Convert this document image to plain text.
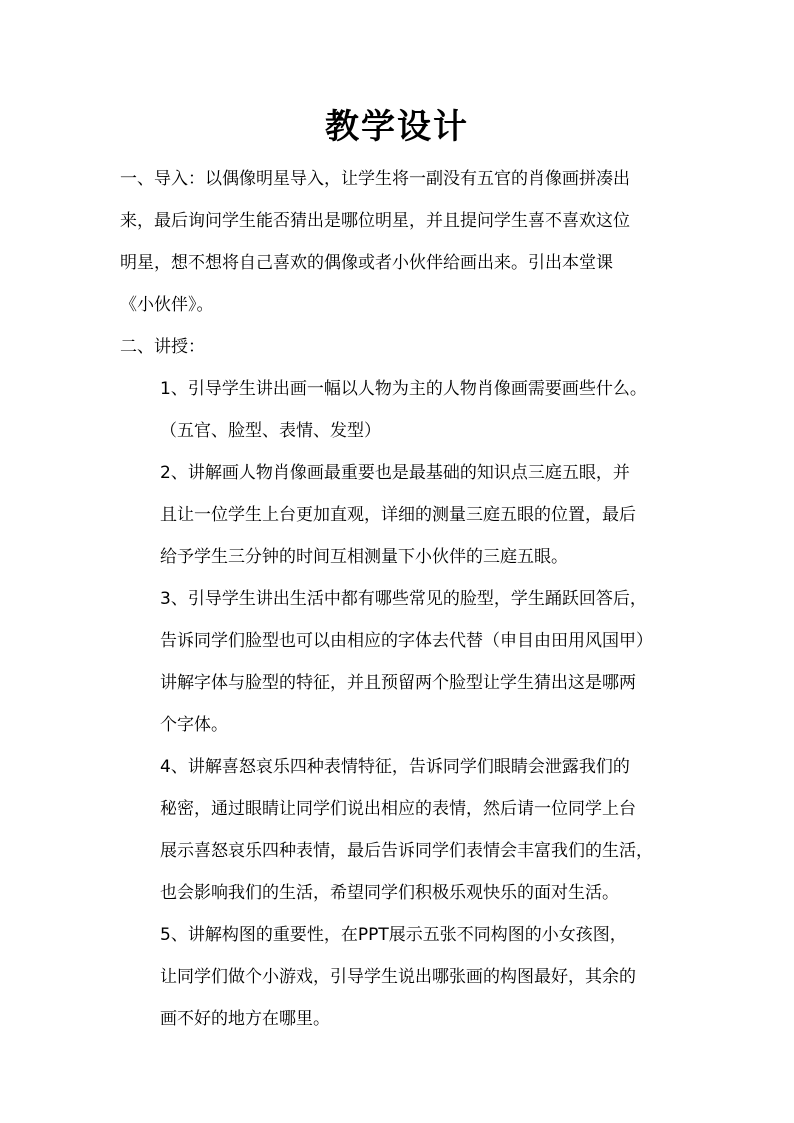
教学设计
一、导入：以偶像明星导入，让学生将一副没有五官的肖像画拼凑出
来，最后询问学生能否猜出是哪位明星，并且提问学生喜不喜欢这位
明星，想不想将自己喜欢的偶像或者小伙伴给画出来。引出本堂课
《小伙伴》。
二、讲授：
1、引导学生讲出画一幅以人物为主的人物肖像画需要画些什么。
（五官、脸型、表情、发型）
2、讲解画人物肖像画最重要也是最基础的知识点三庭五眼，并
且让一位学生上台更加直观，详细的测量三庭五眼的位置，最后
给予学生三分钟的时间互相测量下小伙伴的三庭五眼。
3、引导学生讲出生活中都有哪些常见的脸型，学生踊跃回答后，
告诉同学们脸型也可以由相应的字体去代替（申目由田用风国甲）
讲解字体与脸型的特征，并且预留两个脸型让学生猜出这是哪两
个字体。
4、讲解喜怒哀乐四种表情特征，告诉同学们眼睛会泄露我们的
秘密，通过眼睛让同学们说出相应的表情，然后请一位同学上台
展示喜怒哀乐四种表情，最后告诉同学们表情会丰富我们的生活，
也会影响我们的生活，希望同学们积极乐观快乐的面对生活。
5、讲解构图的重要性，在PPT展示五张不同构图的小女孩图，
让同学们做个小游戏，引导学生说出哪张画的构图最好，其余的
画不好的地方在哪里。
